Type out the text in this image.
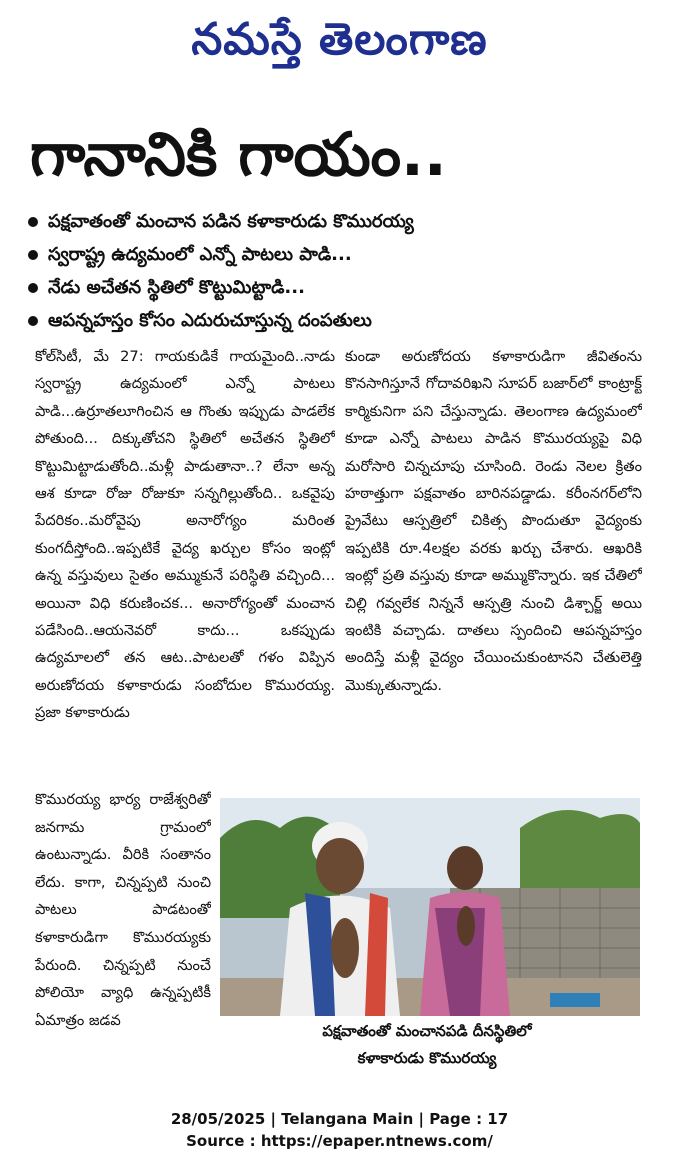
నమస్తే తెలంగాణ
గానానికి గాయం..
పక్షవాతంతో మంచాన పడిన కళాకారుడు కొమురయ్య
స్వరాష్ట్ర ఉద్యమంలో ఎన్నో పాటలు పాడి...
నేడు అచేతన స్థితిలో కొట్టుమిట్టాడి...
ఆపన్నహస్తం కోసం ఎదురుచూస్తున్న దంపతులు

కోల్‌సిటీ, మే 27: గాయకుడికే గాయమైంది..నాడు స్వరాష్ట్ర ఉద్యమంలో ఎన్నో పాటలు పాడి...ఉర్రూతలూగించిన ఆ గొంతు ఇప్పుడు పాడలేక పోతుంది... దిక్కుతోచని స్థితిలో అచేతన స్థితిలో కొట్టుమిట్టాడుతోంది..మళ్లీ పాడుతానా..? లేనా అన్న ఆశ కూడా రోజు రోజుకూ సన్నగిల్లుతోంది.. ఒకవైపు పేదరికం..మరోవైపు అనారోగ్యం మరింత కుంగదీస్తోంది..ఇప్పటికే వైద్య ఖర్చుల కోసం ఇంట్లో ఉన్న వస్తువులు సైతం అమ్ముకునే పరిస్థితి వచ్చింది... అయినా విధి కరుణించక... అనారోగ్యంతో మంచాన పడేసింది..ఆయనెవరో కాదు... ఒకప్పుడు ఉద్యమాలలో తన ఆట..పాటలతో గళం విప్పిన అరుణోదయ కళాకారుడు సంబోదుల కొమురయ్య. ప్రజా కళాకారుడు

కుండా అరుణోదయ కళాకారుడిగా జీవితంను కొనసాగిస్తూనే గోదావరిఖని సూపర్ బజార్‌లో కాంట్రాక్ట్ కార్మికునిగా పని చేస్తున్నాడు. తెలంగాణ ఉద్యమంలో కూడా ఎన్నో పాటలు పాడిన కొమురయ్యపై విధి మరోసారి చిన్నచూపు చూసింది. రెండు నెలల క్రితం హఠాత్తుగా పక్షవాతం బారినపడ్డాడు. కరీంనగర్‌లోని ప్రైవేటు ఆస్పత్రిలో చికిత్స పొందుతూ వైద్యంకు ఇప్పటికి రూ.4లక్షల వరకు ఖర్చు చేశారు. ఆఖరికి ఇంట్లో ప్రతి వస్తువు కూడా అమ్ముకొన్నారు. ఇక చేతిలో చిల్లి గవ్వలేక నిన్ననే ఆస్పత్రి నుంచి డిశ్చార్జ్ అయి ఇంటికి వచ్చాడు. దాతలు స్పందించి ఆపన్నహస్తం అందిస్తే మళ్లీ వైద్యం చేయించుకుంటానని చేతులెత్తి మొక్కుతున్నాడు.

కొమురయ్య భార్య రాజేశ్వరితో జనగామ గ్రామంలో ఉంటున్నాడు. వీరికి సంతానం లేదు. కాగా, చిన్నప్పటి నుంచి పాటలు పాడటంతో కళాకారుడిగా కొమురయ్యకు పేరుంది. చిన్నప్పటి నుంచే పోలియో వ్యాధి ఉన్నప్పటికీ ఏమాత్రం జడవ

పక్షవాతంతో మంచానపడి దీనస్థితిలో
కళాకారుడు కొమురయ్య
28/05/2025 | Telangana Main | Page : 17
Source : https://epaper.ntnews.com/
